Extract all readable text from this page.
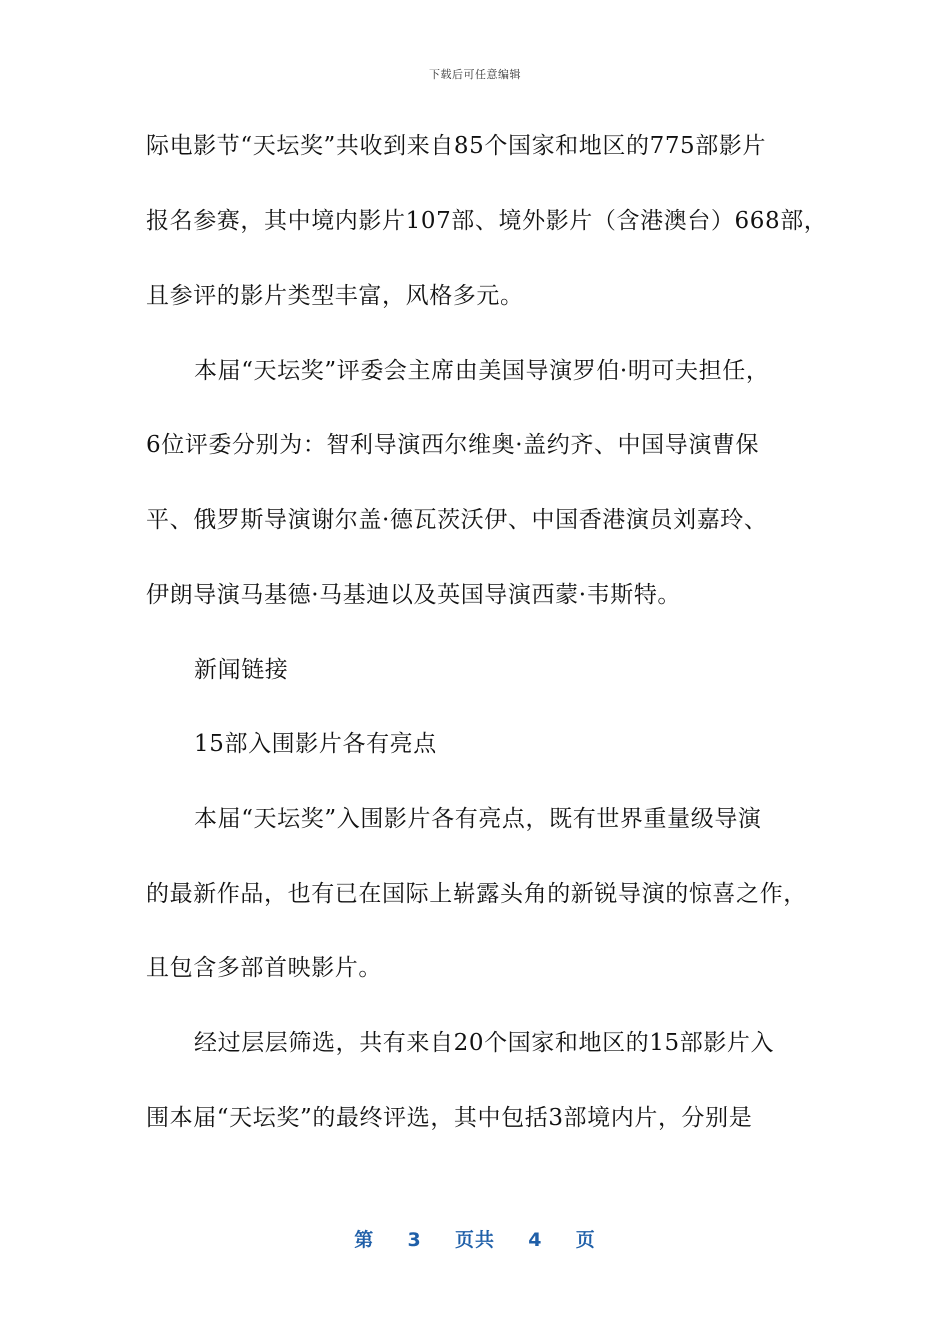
下载后可任意编辑
际电影节“天坛奖”共收到来自85个国家和地区的775部影片
报名参赛，其中境内影片107部、境外影片（含港澳台）668部，
且参评的影片类型丰富，风格多元。
本届“天坛奖”评委会主席由美国导演罗伯·明可夫担任，
6位评委分别为：智利导演西尔维奥·盖约齐、中国导演曹保
平、俄罗斯导演谢尔盖·德瓦茨沃伊、中国香港演员刘嘉玲、
伊朗导演马基德·马基迪以及英国导演西蒙·韦斯特。
新闻链接
15部入围影片各有亮点
本届“天坛奖”入围影片各有亮点，既有世界重量级导演
的最新作品，也有已在国际上崭露头角的新锐导演的惊喜之作，
且包含多部首映影片。
经过层层筛选，共有来自20个国家和地区的15部影片入
围本届“天坛奖”的最终评选，其中包括3部境内片，分别是
第 3 页共 4 页
